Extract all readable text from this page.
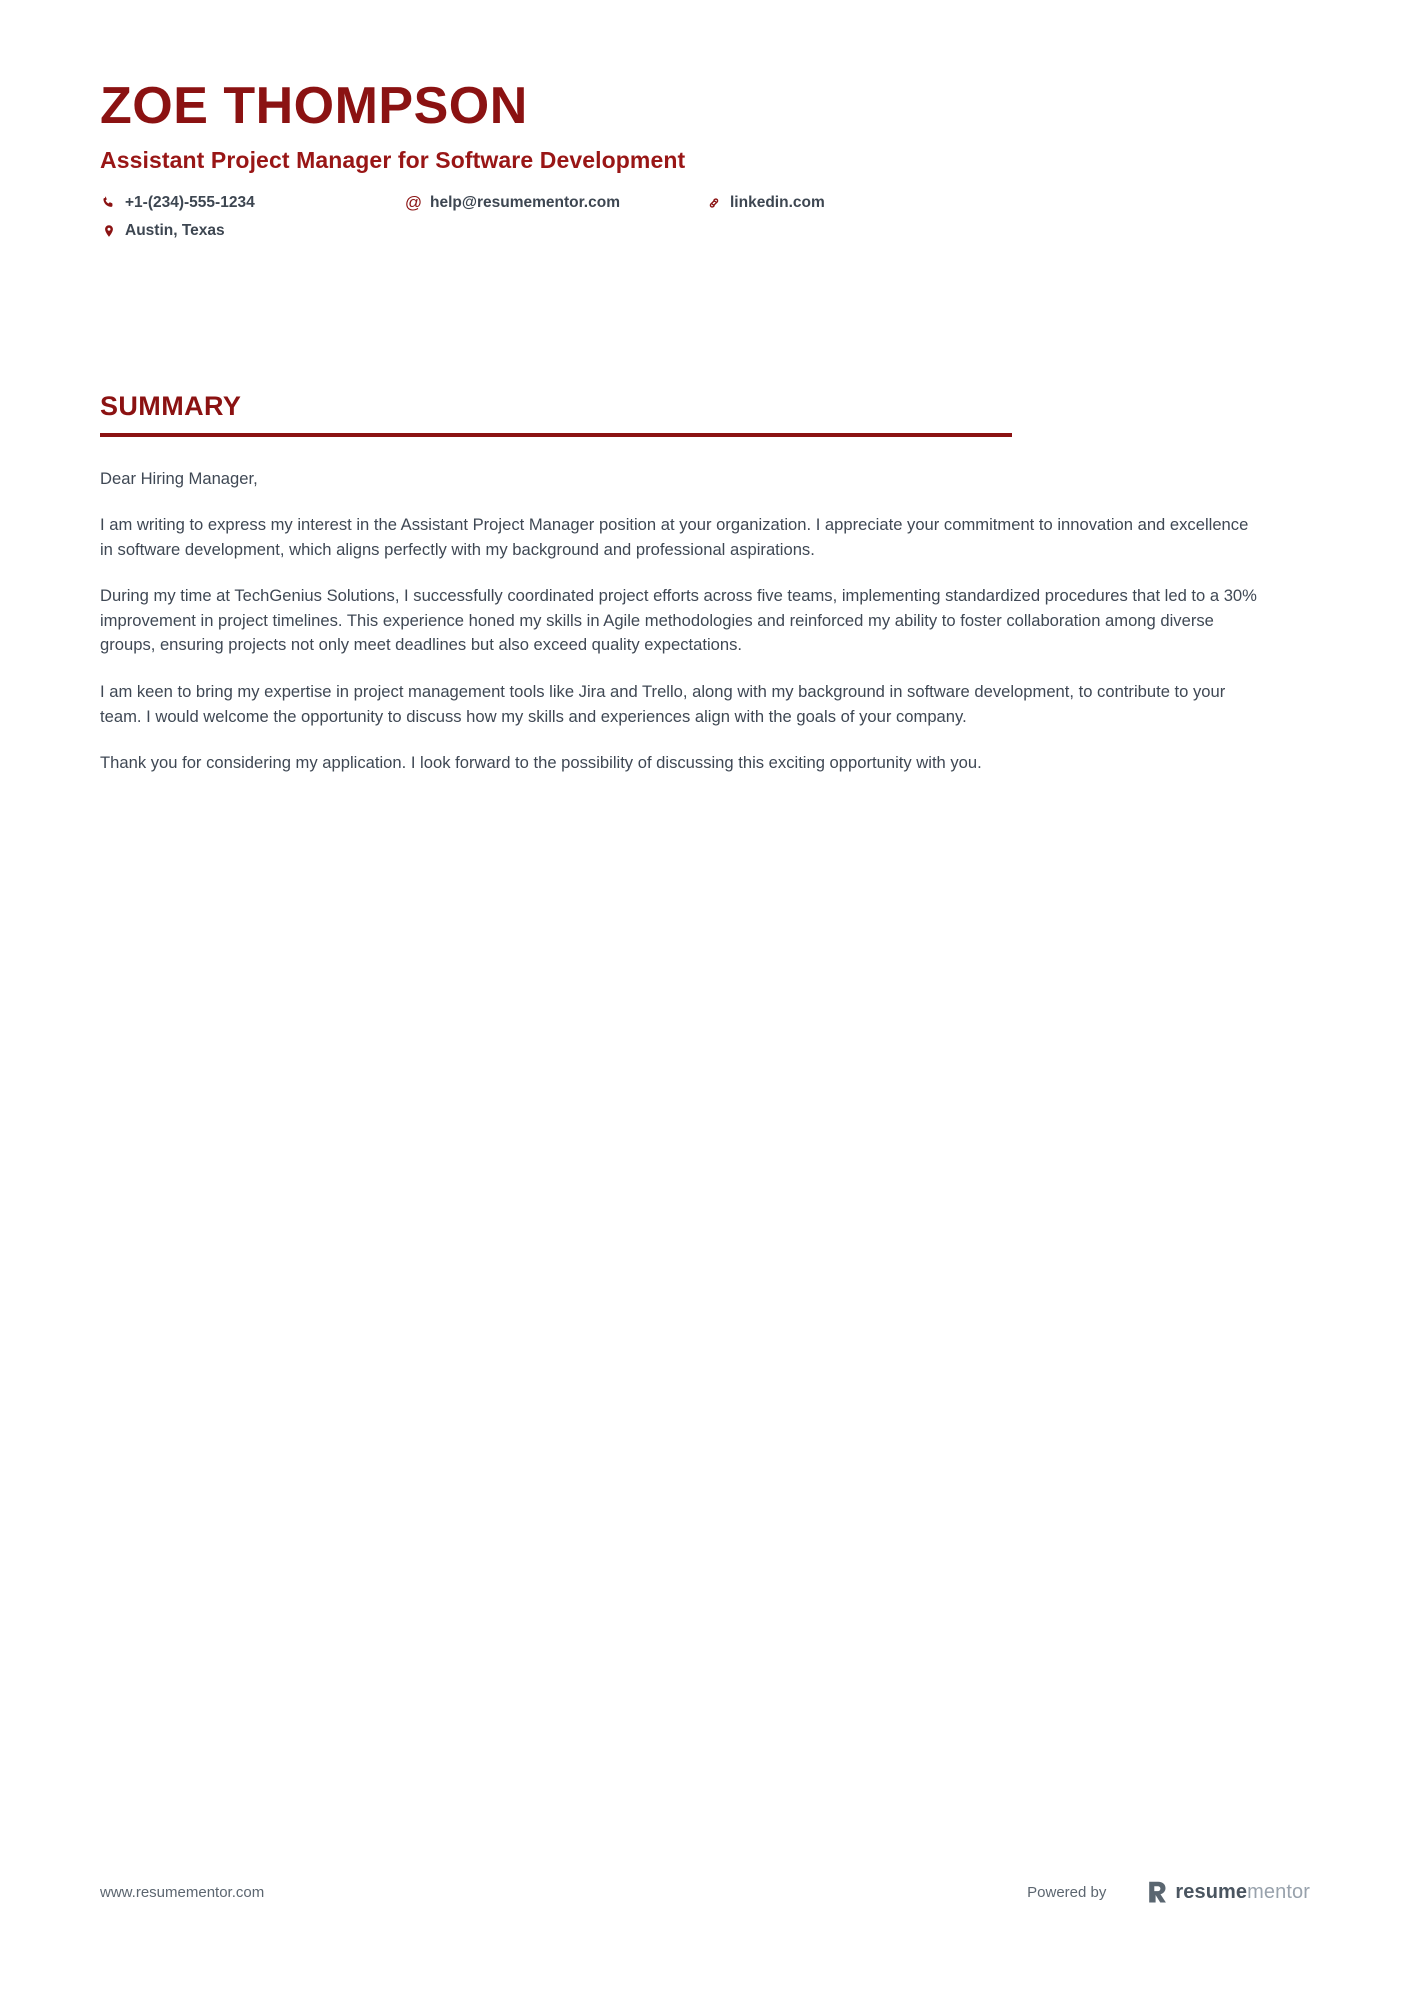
ZOE THOMPSON
Assistant Project Manager for Software Development
+1-(234)-555-1234	@ help@resumementor.com	linkedin.com
Austin, Texas
SUMMARY

Dear Hiring Manager,

I am writing to express my interest in the Assistant Project Manager position at your organization. I appreciate your commitment to innovation and excellence in software development, which aligns perfectly with my background and professional aspirations.

During my time at TechGenius Solutions, I successfully coordinated project efforts across five teams, implementing standardized procedures that led to a 30% improvement in project timelines. This experience honed my skills in Agile methodologies and reinforced my ability to foster collaboration among diverse groups, ensuring projects not only meet deadlines but also exceed quality expectations.

I am keen to bring my expertise in project management tools like Jira and Trello, along with my background in software development, to contribute to your team. I would welcome the opportunity to discuss how my skills and experiences align with the goals of your company.

Thank you for considering my application. I look forward to the possibility of discussing this exciting opportunity with you.

www.resumementor.com	Powered by	resumementor
